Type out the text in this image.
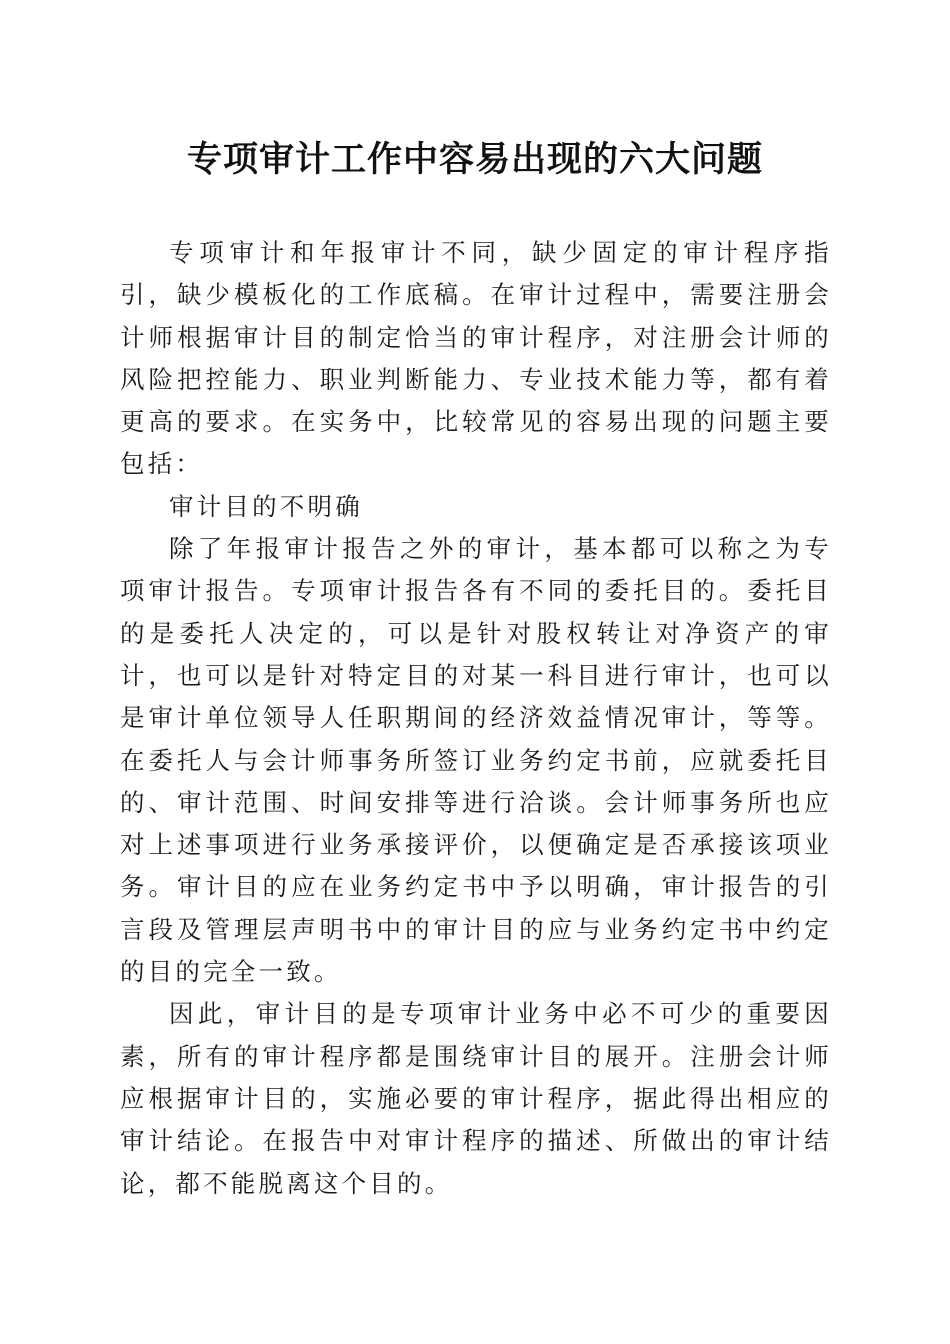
专项审计工作中容易出现的六大问题

专项审计和年报审计不同，缺少固定的审计程序指引，缺少模板化的工作底稿。在审计过程中，需要注册会计师根据审计目的制定恰当的审计程序，对注册会计师的风险把控能力、职业判断能力、专业技术能力等，都有着更高的要求。在实务中，比较常见的容易出现的问题主要包括：

审计目的不明确

除了年报审计报告之外的审计，基本都可以称之为专项审计报告。专项审计报告各有不同的委托目的。委托目的是委托人决定的，可以是针对股权转让对净资产的审计，也可以是针对特定目的对某一科目进行审计，也可以是审计单位领导人任职期间的经济效益情况审计，等等。在委托人与会计师事务所签订业务约定书前，应就委托目的、审计范围、时间安排等进行洽谈。会计师事务所也应对上述事项进行业务承接评价，以便确定是否承接该项业务。审计目的应在业务约定书中予以明确，审计报告的引言段及管理层声明书中的审计目的应与业务约定书中约定的目的完全一致。

因此，审计目的是专项审计业务中必不可少的重要因素，所有的审计程序都是围绕审计目的展开。注册会计师应根据审计目的，实施必要的审计程序，据此得出相应的审计结论。在报告中对审计程序的描述、所做出的审计结论，都不能脱离这个目的。
